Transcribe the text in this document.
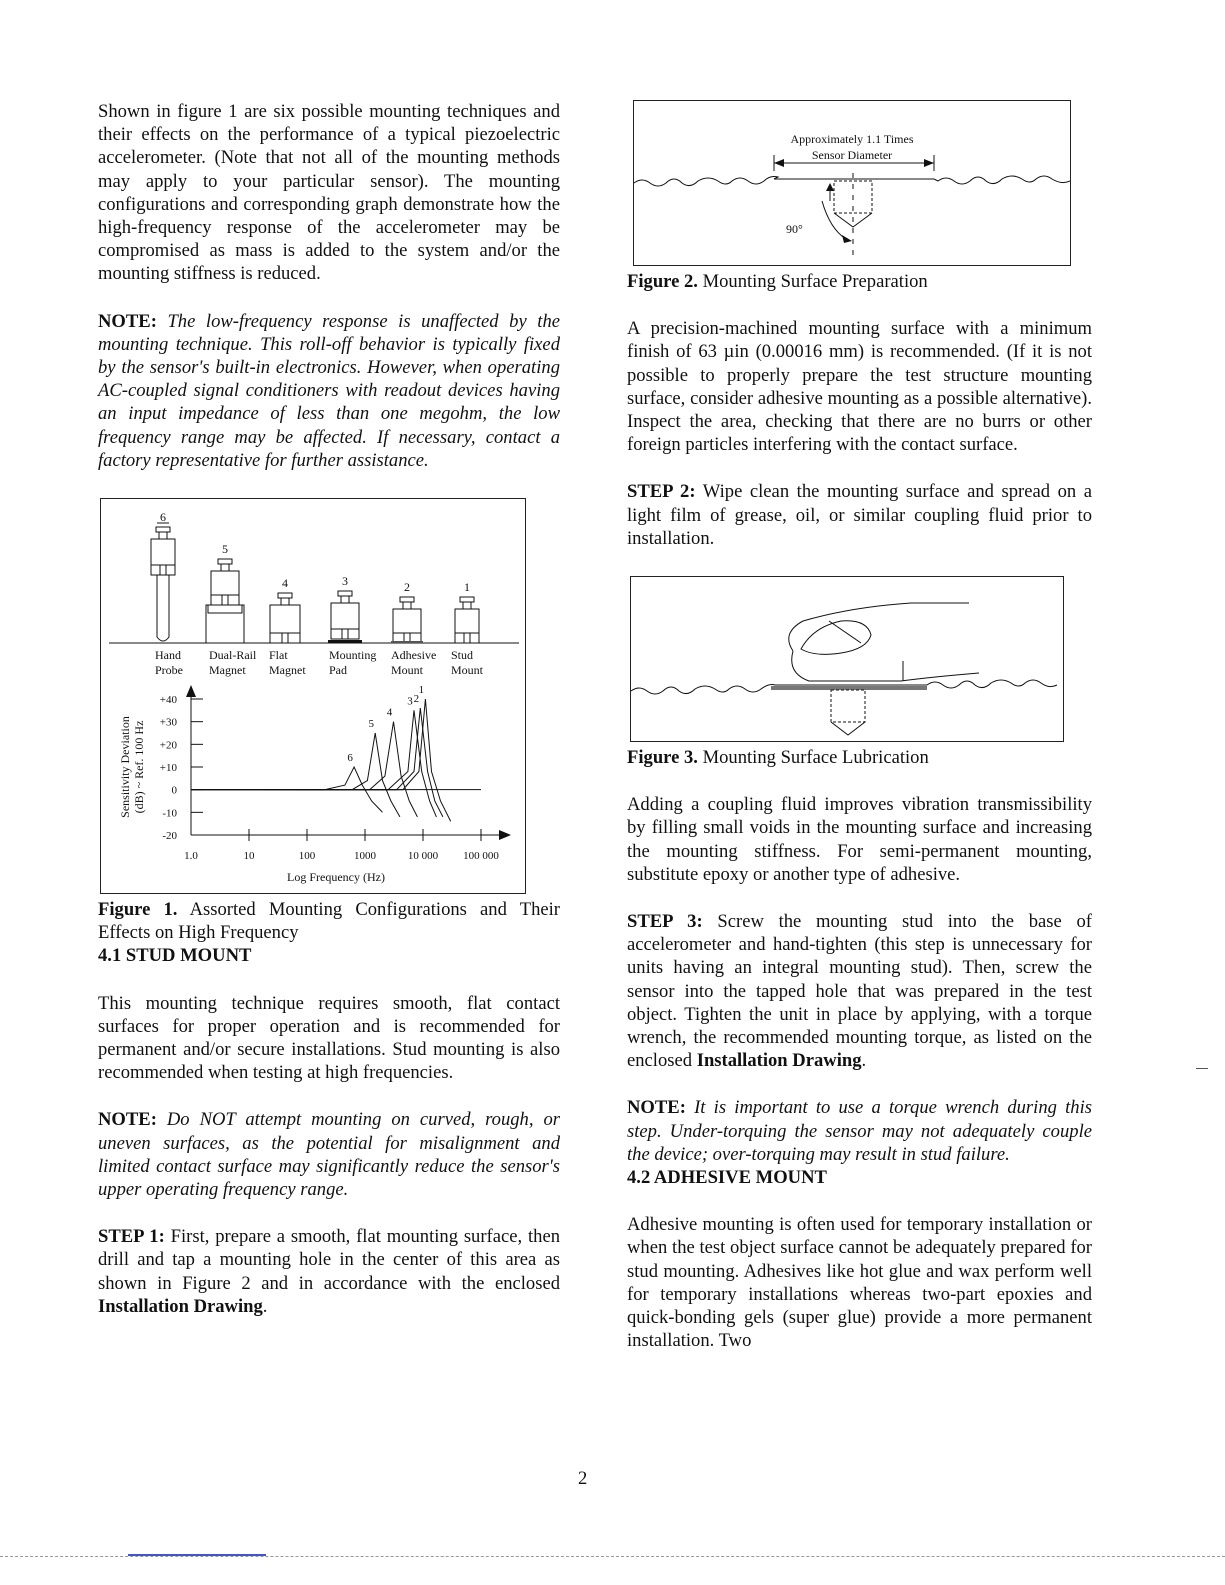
Shown in figure 1 are six possible mounting techniques and their effects on the performance of a typical piezoelectric accelerometer. (Note that not all of the mounting methods may apply to your particular sensor). The mounting configurations and corresponding graph demonstrate how the high-frequency response of the accelerometer may be compromised as mass is added to the system and/or the mounting stiffness is reduced.

NOTE: The low-frequency response is unaffected by the mounting technique. This roll-off behavior is typically fixed by the sensor's built-in electronics. However, when operating AC-coupled signal conditioners with readout devices having an input impedance of less than one megohm, the low frequency range may be affected. If necessary, contact a factory representative for further assistance.

6
Hand
Probe
5
Dual-Rail
Magnet
4
Flat
Magnet
3
Mounting
Pad
2
Adhesive
Mount
1
Stud
Mount
+40
+30
+20
+10
0
-10
-20
1.0	10	100	1000	10 000 100 000
Log Frequency (Hz)
Sensitivity Deviation (dB) ~ Ref. 100 Hz	6
5
4
3 2
1

Figure 1. Assorted Mounting Configurations and Their Effects on High Frequency

4.1 STUD MOUNT

This mounting technique requires smooth, flat contact surfaces for proper operation and is recommended for permanent and/or secure installations. Stud mounting is also recommended when testing at high frequencies.

NOTE: Do NOT attempt mounting on curved, rough, or uneven surfaces, as the potential for misalignment and limited contact surface may significantly reduce the sensor's upper operating frequency range.

STEP 1: First, prepare a smooth, flat mounting surface, then drill and tap a mounting hole in the center of this area as shown in Figure 2 and in accordance with the enclosed Installation Drawing.

Approximately 1.1 Times
Sensor Diameter
90°

Figure 2. Mounting Surface Preparation

A precision-machined mounting surface with a minimum finish of 63 µin (0.00016 mm) is recommended. (If it is not possible to properly prepare the test structure mounting surface, consider adhesive mounting as a possible alternative). Inspect the area, checking that there are no burrs or other foreign particles interfering with the contact surface.

STEP 2: Wipe clean the mounting surface and spread on a light film of grease, oil, or similar coupling fluid prior to installation.

Figure 3. Mounting Surface Lubrication

Adding a coupling fluid improves vibration transmissibility by filling small voids in the mounting surface and increasing the mounting stiffness. For semi-permanent mounting, substitute epoxy or another type of adhesive.

STEP 3: Screw the mounting stud into the base of accelerometer and hand-tighten (this step is unnecessary for units having an integral mounting stud). Then, screw the sensor into the tapped hole that was prepared in the test object. Tighten the unit in place by applying, with a torque wrench, the recommended mounting torque, as listed on the enclosed Installation Drawing.

NOTE: It is important to use a torque wrench during this step. Under-torquing the sensor may not adequately couple the device; over-torquing may result in stud failure.

4.2 ADHESIVE MOUNT

Adhesive mounting is often used for temporary installation or when the test object surface cannot be adequately prepared for stud mounting. Adhesives like hot glue and wax perform well for temporary installations whereas two-part epoxies and quick-bonding gels (super glue) provide a more permanent installation. Two

2
